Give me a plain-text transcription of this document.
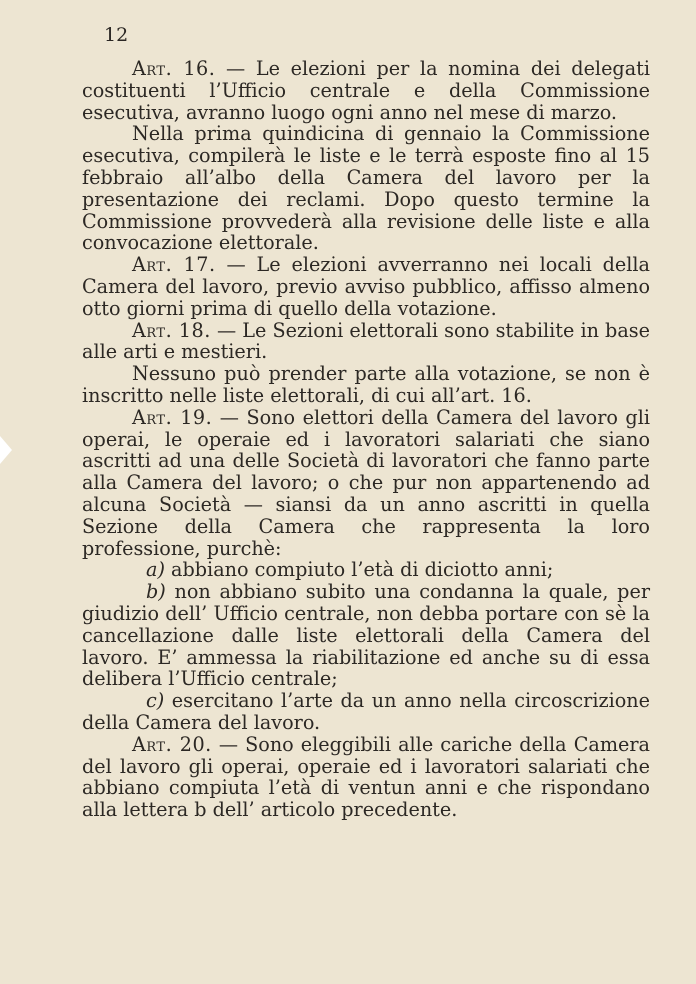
12

Art. 16. — Le elezioni per la nomina dei delegati costituenti l’Ufficio centrale e della Commissione esecutiva, avranno luogo ogni anno nel mese di marzo.

Nella prima quindicina di gennaio la Commissione esecutiva, compilerà le liste e le terrà esposte fino al 15 febbraio all’albo della Camera del lavoro per la presentazione dei reclami. Dopo questo termine la Commissione provvederà alla revisione delle liste e alla convocazione elettorale.

Art. 17. — Le elezioni avverranno nei locali della Camera del lavoro, previo avviso pubblico, affisso almeno otto giorni prima di quello della votazione.

Art. 18. — Le Sezioni elettorali sono stabilite in base alle arti e mestieri.

Nessuno può prender parte alla votazione, se non è inscritto nelle liste elettorali, di cui all’art. 16.

Art. 19. — Sono elettori della Camera del lavoro gli operai, le operaie ed i lavoratori salariati che siano ascritti ad una delle Società di lavoratori che fanno parte alla Camera del lavoro; o che pur non appartenendo ad alcuna Società — siansi da un anno ascritti in quella Sezione della Camera che rappresenta la loro professione, purchè:

a) abbiano compiuto l’età di diciotto anni;

b) non abbiano subito una condanna la quale, per giudizio dell’ Ufficio centrale, non debba portare con sè la cancellazione dalle liste elettorali della Camera del lavoro. E’ ammessa la riabilitazione ed anche su di essa delibera l’Ufficio centrale;

c) esercitano l’arte da un anno nella circoscrizione della Camera del lavoro.

Art. 20. — Sono eleggibili alle cariche della Camera del lavoro gli operai, operaie ed i lavoratori salariati che abbiano compiuta l’età di ventun anni e che rispondano alla lettera b dell’ articolo precedente.
